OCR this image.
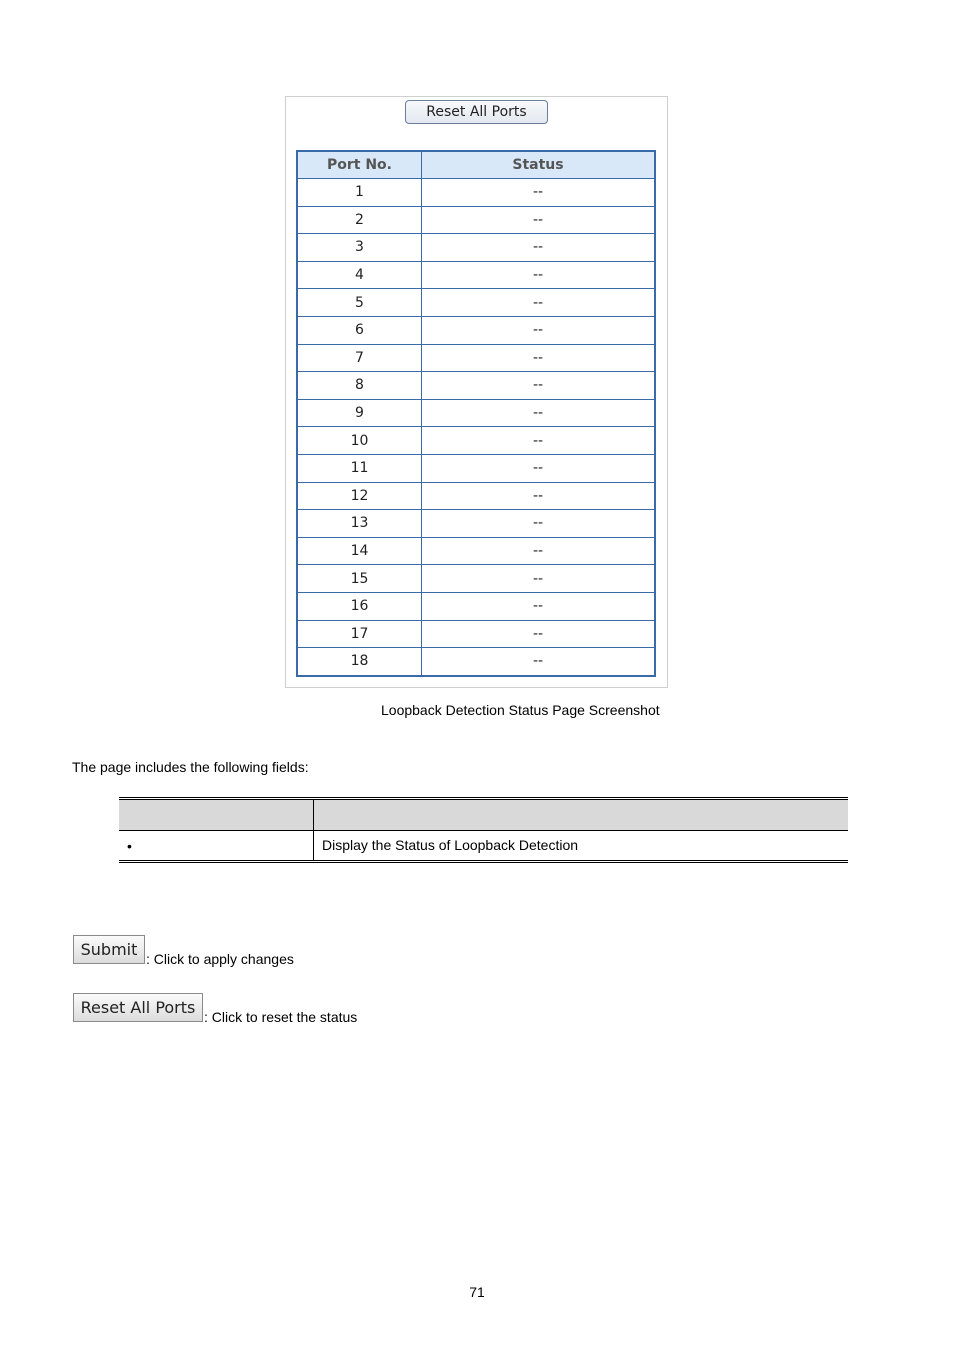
Reset All Ports
Port No.	Status
1	--
2	--
3	--
4	--
5	--
6	--
7	--
8	--
9	--
10	--
11	--
12	--
13	--
14	--
15	--
16	--
17	--
18	--
Loopback Detection Status Page Screenshot
The page includes the following fields:
•	Display the Status of Loopback Detection
Submit : Click to apply changes
Reset All Ports : Click to reset the status
71
